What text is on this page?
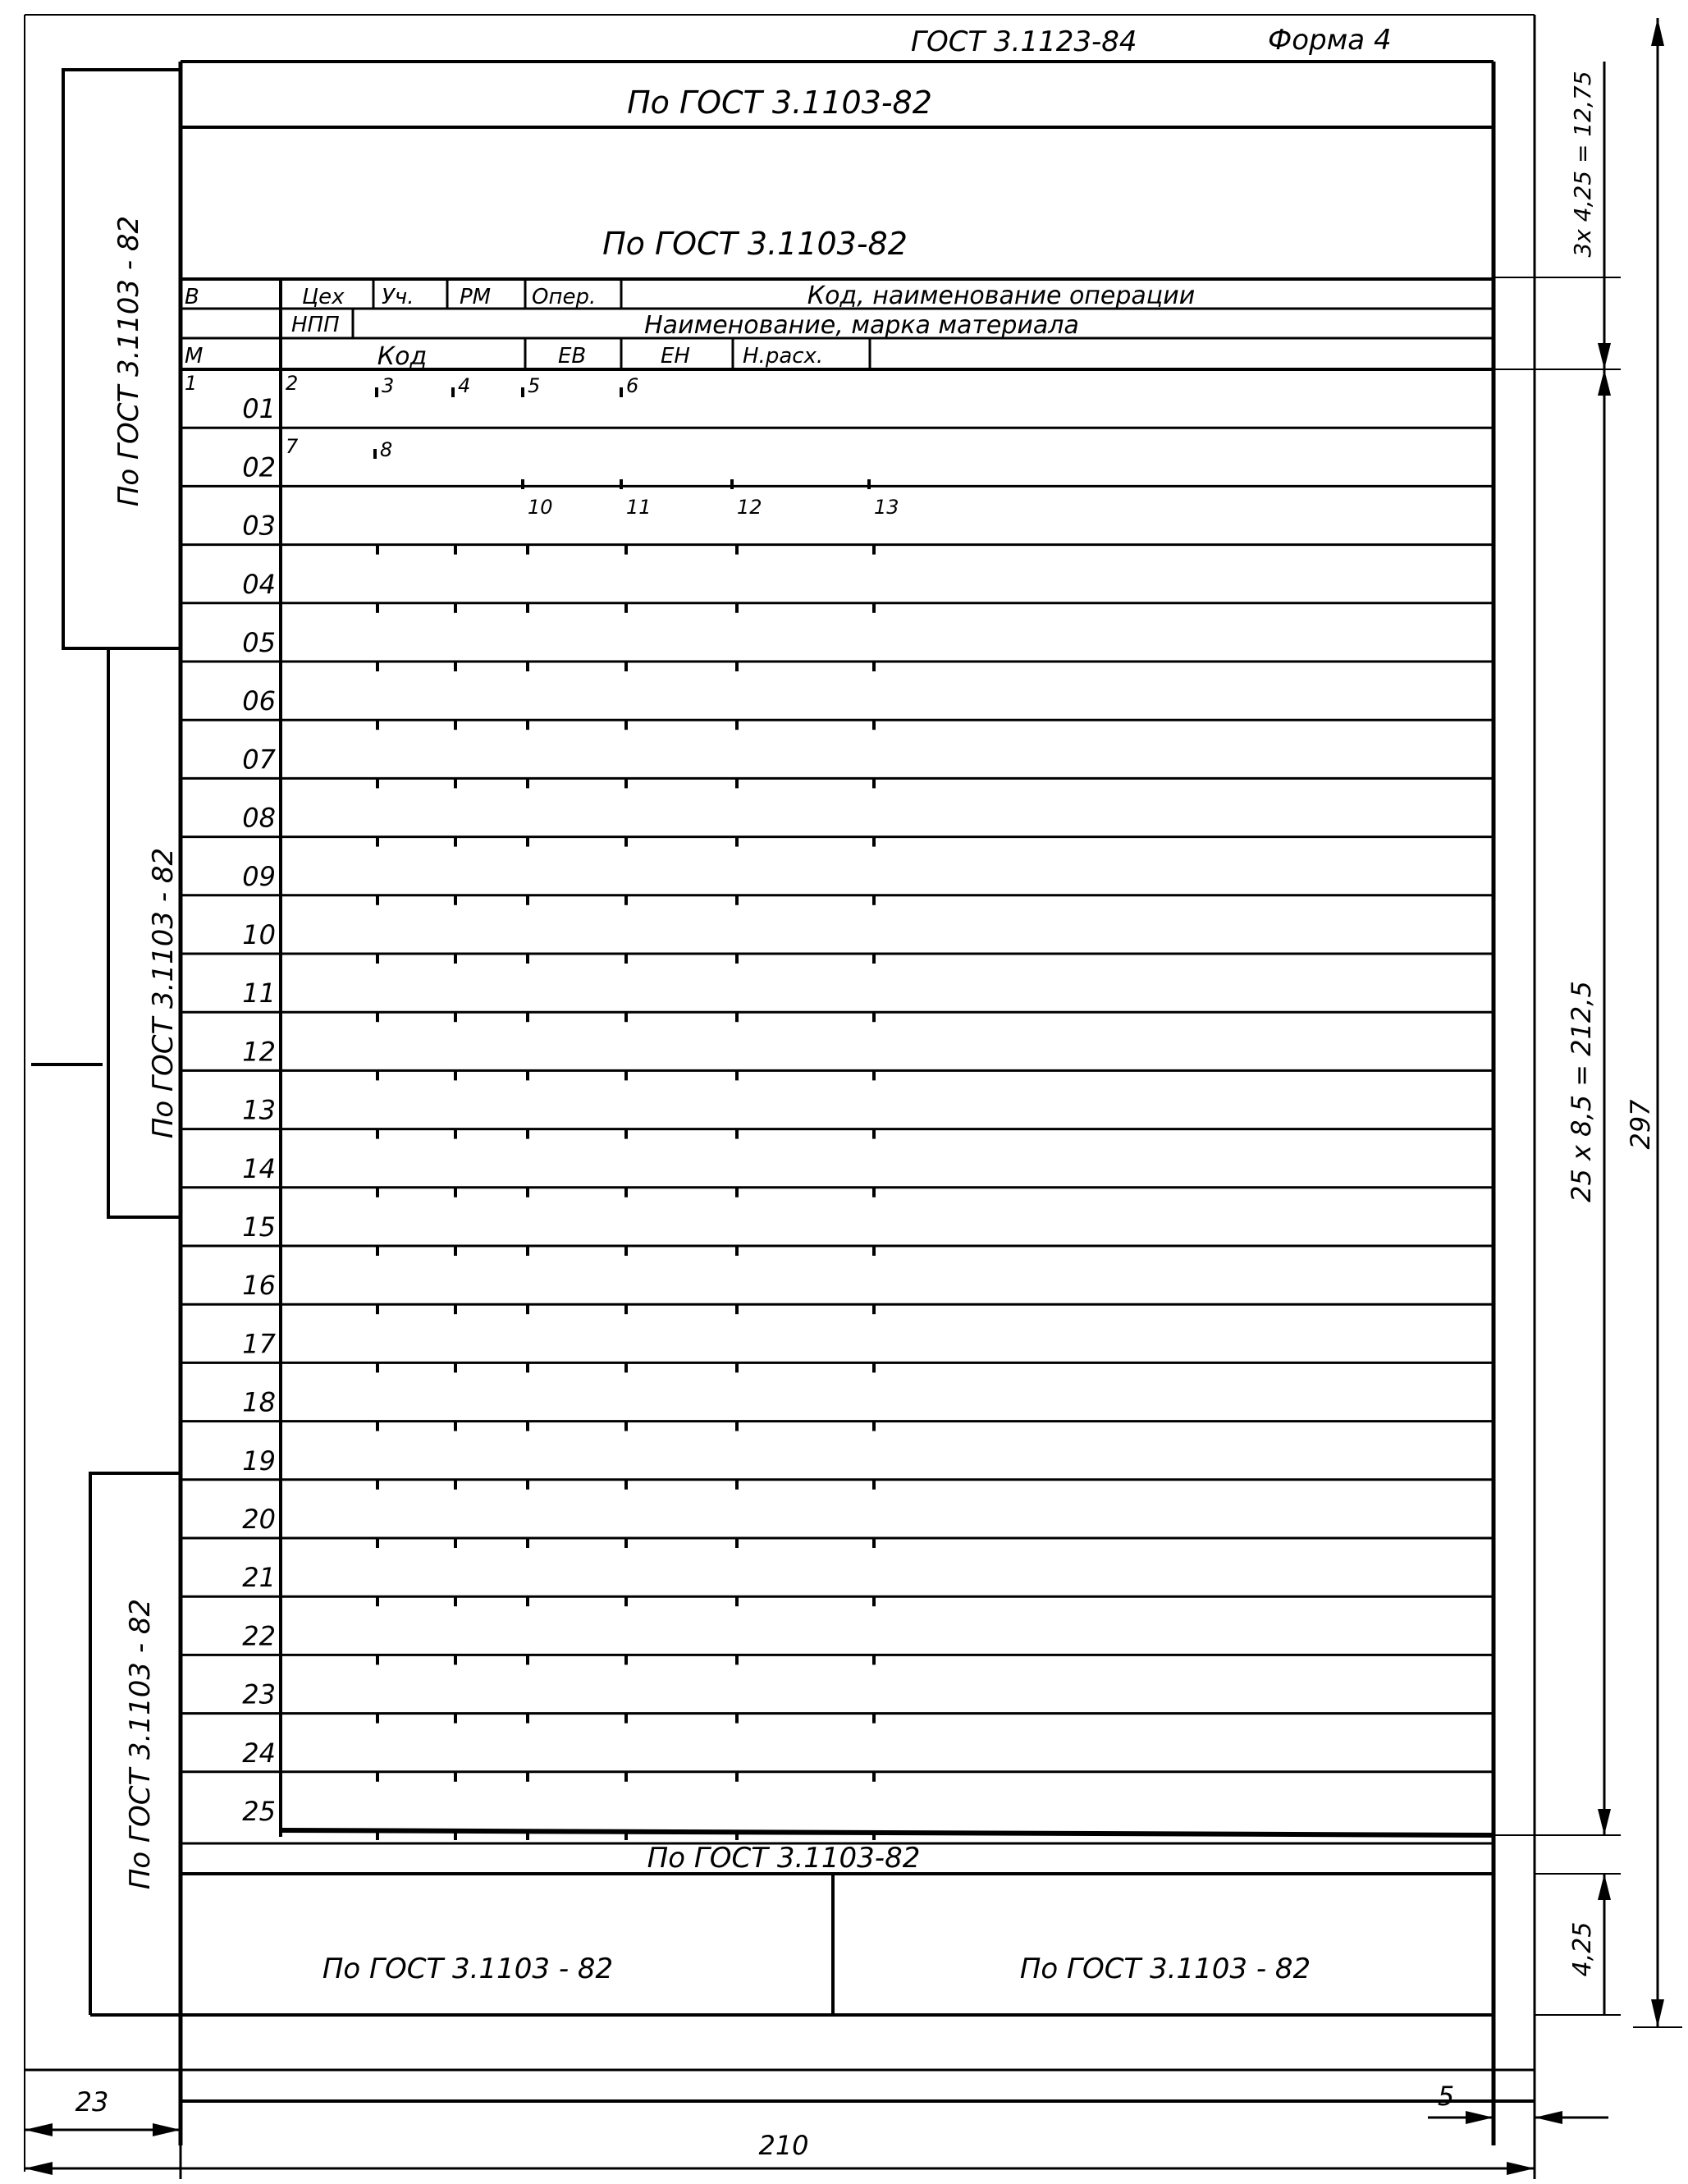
ГОСТ 3.1123-84	Форма 4
По ГОСТ 3.1103-82
По ГОСТ 3.1103-82
В	Цех Уч. РМ Опер.	Код, наименование операции
НПП	Наименование, марка материала
М	Код	ЕВ	ЕН Н.расх.
1	2	3	4	5	6
7	8
10	11	12	13
01
02
03
04
05
06
07
08
09
10
11
12
13
14
15
16
17
18
19
20
21
22
23
24
25
По ГОСТ 3.1103-82
По ГОСТ 3.1103 - 82	По ГОСТ 3.1103 - 82
По ГОСТ 3.1103 - 82
По ГОСТ 3.1103 - 82
По ГОСТ 3.1103 - 82
3х 4,25 = 12,75
25 х 8,5 = 212,5 297
4,25
23	5
210
